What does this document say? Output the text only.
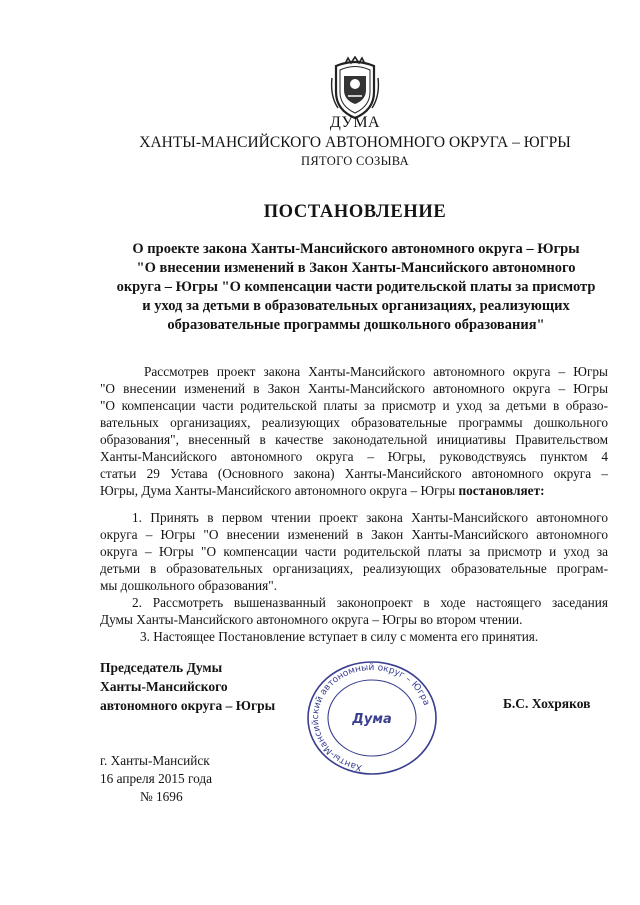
ДУМА
ХАНТЫ-МАНСИЙСКОГО АВТОНОМНОГО ОКРУГА – ЮГРЫ
ПЯТОГО СОЗЫВА
ПОСТАНОВЛЕНИЕ
О проекте закона Ханты-Мансийского автономного округа – Югры
"О внесении изменений в Закон Ханты-Мансийского автономного
округа – Югры "О компенсации части родительской платы за присмотр
и уход за детьми в образовательных организациях, реализующих
образовательные программы дошкольного образования"
Рассмотрев проект закона Ханты-Мансийского автономного округа – Югры
"О внесении изменений в Закон Ханты-Мансийского автономного округа – Югры
"О компенсации части родительской платы за присмотр и уход за детьми в образо-
вательных организациях, реализующих образовательные программы дошкольного
образования", внесенный в качестве законодательной инициативы Правительством
Ханты-Мансийского автономного округа – Югры, руководствуясь пунктом 4
статьи 29 Устава (Основного закона) Ханты-Мансийского автономного округа –
Югры, Дума Ханты-Мансийского автономного округа – Югры постановляет:
1. Принять в первом чтении проект закона Ханты-Мансийского автономного
округа – Югры "О внесении изменений в Закон Ханты-Мансийского автономного
округа – Югры "О компенсации части родительской платы за присмотр и уход за
детьми в образовательных организациях, реализующих образовательные програм-
мы дошкольного образования".
2. Рассмотреть вышеназванный законопроект в ходе настоящего заседания
Думы Ханты-Мансийского автономного округа – Югры во втором чтении.
3. Настоящее Постановление вступает в силу с момента его принятия.
Председатель Думы
Ханты-Мансийского
автономного округа – Югры
Ханты-Мансийский автономный округ – Югра
Дума
Б.С. Хохряков
г. Ханты-Мансийск
16 апреля 2015 года
№ 1696
